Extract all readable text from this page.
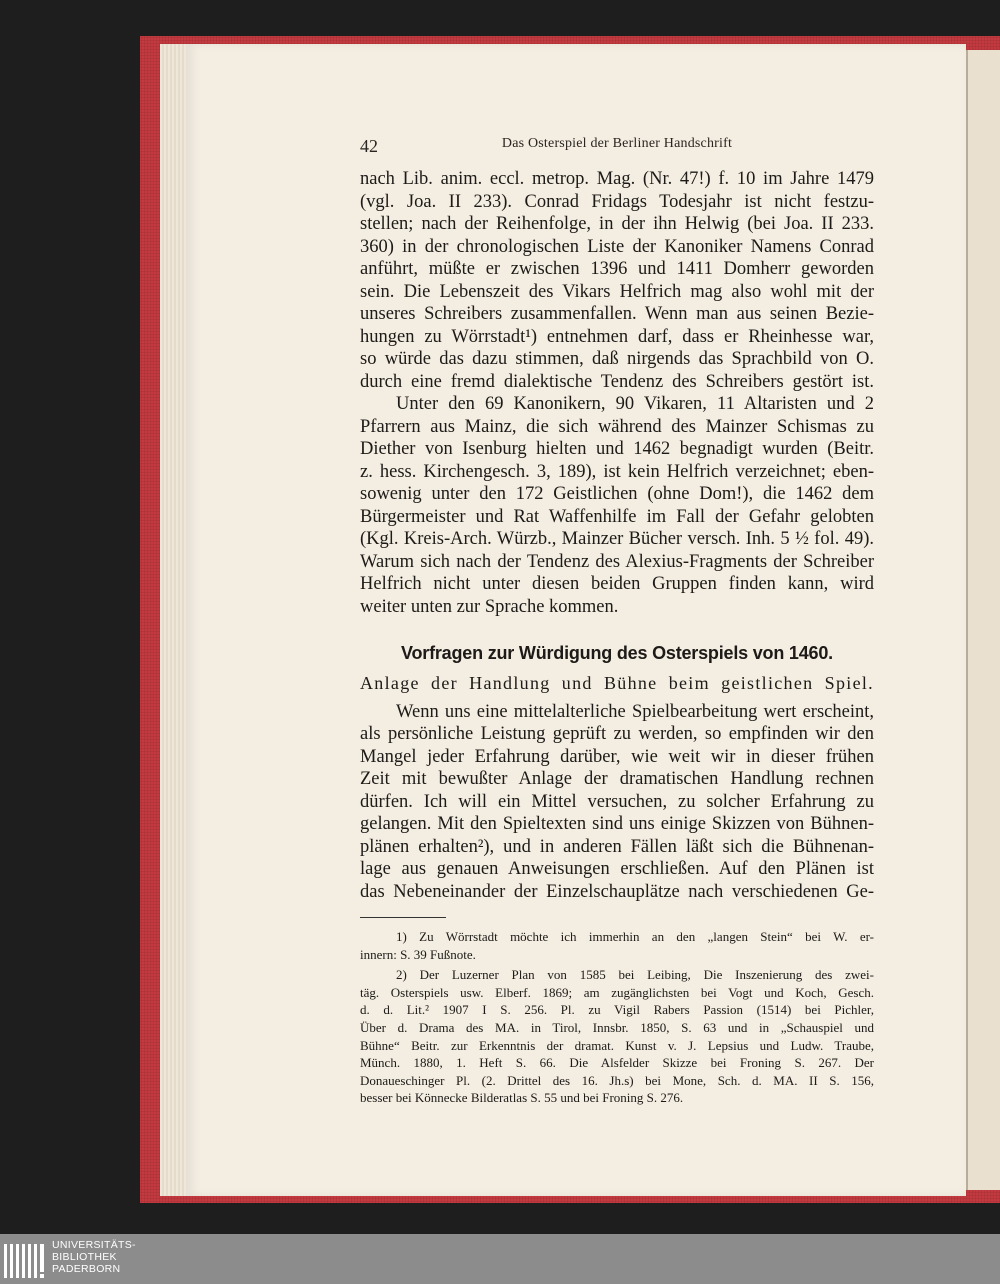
42	Das Osterspiel der Berliner Handschrift
nach Lib. anim. eccl. metrop. Mag. (Nr. 47!) f. 10 im Jahre 1479
(vgl. Joa. II 233). Conrad Fridags Todesjahr ist nicht festzu-
stellen; nach der Reihenfolge, in der ihn Helwig (bei Joa. II 233.
360) in der chronologischen Liste der Kanoniker Namens Conrad
anführt, müßte er zwischen 1396 und 1411 Domherr geworden
sein. Die Lebenszeit des Vikars Helfrich mag also wohl mit der
unseres Schreibers zusammenfallen. Wenn man aus seinen Bezie-
hungen zu Wörrstadt¹) entnehmen darf, dass er Rheinhesse war,
so würde das dazu stimmen, daß nirgends das Sprachbild von O.
durch eine fremd dialektische Tendenz des Schreibers gestört ist.
Unter den 69 Kanonikern, 90 Vikaren, 11 Altaristen und 2
Pfarrern aus Mainz, die sich während des Mainzer Schismas zu
Diether von Isenburg hielten und 1462 begnadigt wurden (Beitr.
z. hess. Kirchengesch. 3, 189), ist kein Helfrich verzeichnet; eben-
sowenig unter den 172 Geistlichen (ohne Dom!), die 1462 dem
Bürgermeister und Rat Waffenhilfe im Fall der Gefahr gelobten
(Kgl. Kreis-Arch. Würzb., Mainzer Bücher versch. Inh. 5 ½ fol. 49).
Warum sich nach der Tendenz des Alexius-Fragments der Schreiber
Helfrich nicht unter diesen beiden Gruppen finden kann, wird
weiter unten zur Sprache kommen.
Vorfragen zur Würdigung des Osterspiels von 1460.
Anlage der Handlung und Bühne beim geistlichen Spiel.
Wenn uns eine mittelalterliche Spielbearbeitung wert erscheint,
als persönliche Leistung geprüft zu werden, so empfinden wir den
Mangel jeder Erfahrung darüber, wie weit wir in dieser frühen
Zeit mit bewußter Anlage der dramatischen Handlung rechnen
dürfen. Ich will ein Mittel versuchen, zu solcher Erfahrung zu
gelangen. Mit den Spieltexten sind uns einige Skizzen von Bühnen-
plänen erhalten²), und in anderen Fällen läßt sich die Bühnenan-
lage aus genauen Anweisungen erschließen. Auf den Plänen ist
das Nebeneinander der Einzelschauplätze nach verschiedenen Ge-
1) Zu Wörrstadt möchte ich immerhin an den „langen Stein“ bei W. er-
innern: S. 39 Fußnote.
2) Der Luzerner Plan von 1585 bei Leibing, Die Inszenierung des zwei-
täg. Osterspiels usw. Elberf. 1869; am zugänglichsten bei Vogt und Koch, Gesch.
d. d. Lit.² 1907 I S. 256. Pl. zu Vigil Rabers Passion (1514) bei Pichler,
Über d. Drama des MA. in Tirol, Innsbr. 1850, S. 63 und in „Schauspiel und
Bühne“ Beitr. zur Erkenntnis der dramat. Kunst v. J. Lepsius und Ludw. Traube,
Münch. 1880, 1. Heft S. 66. Die Alsfelder Skizze bei Froning S. 267. Der
Donaueschinger Pl. (2. Drittel des 16. Jh.s) bei Mone, Sch. d. MA. II S. 156,
besser bei Könnecke Bilderatlas S. 55 und bei Froning S. 276.
UNIVERSITÄTS-
BIBLIOTHEK
PADERBORN
